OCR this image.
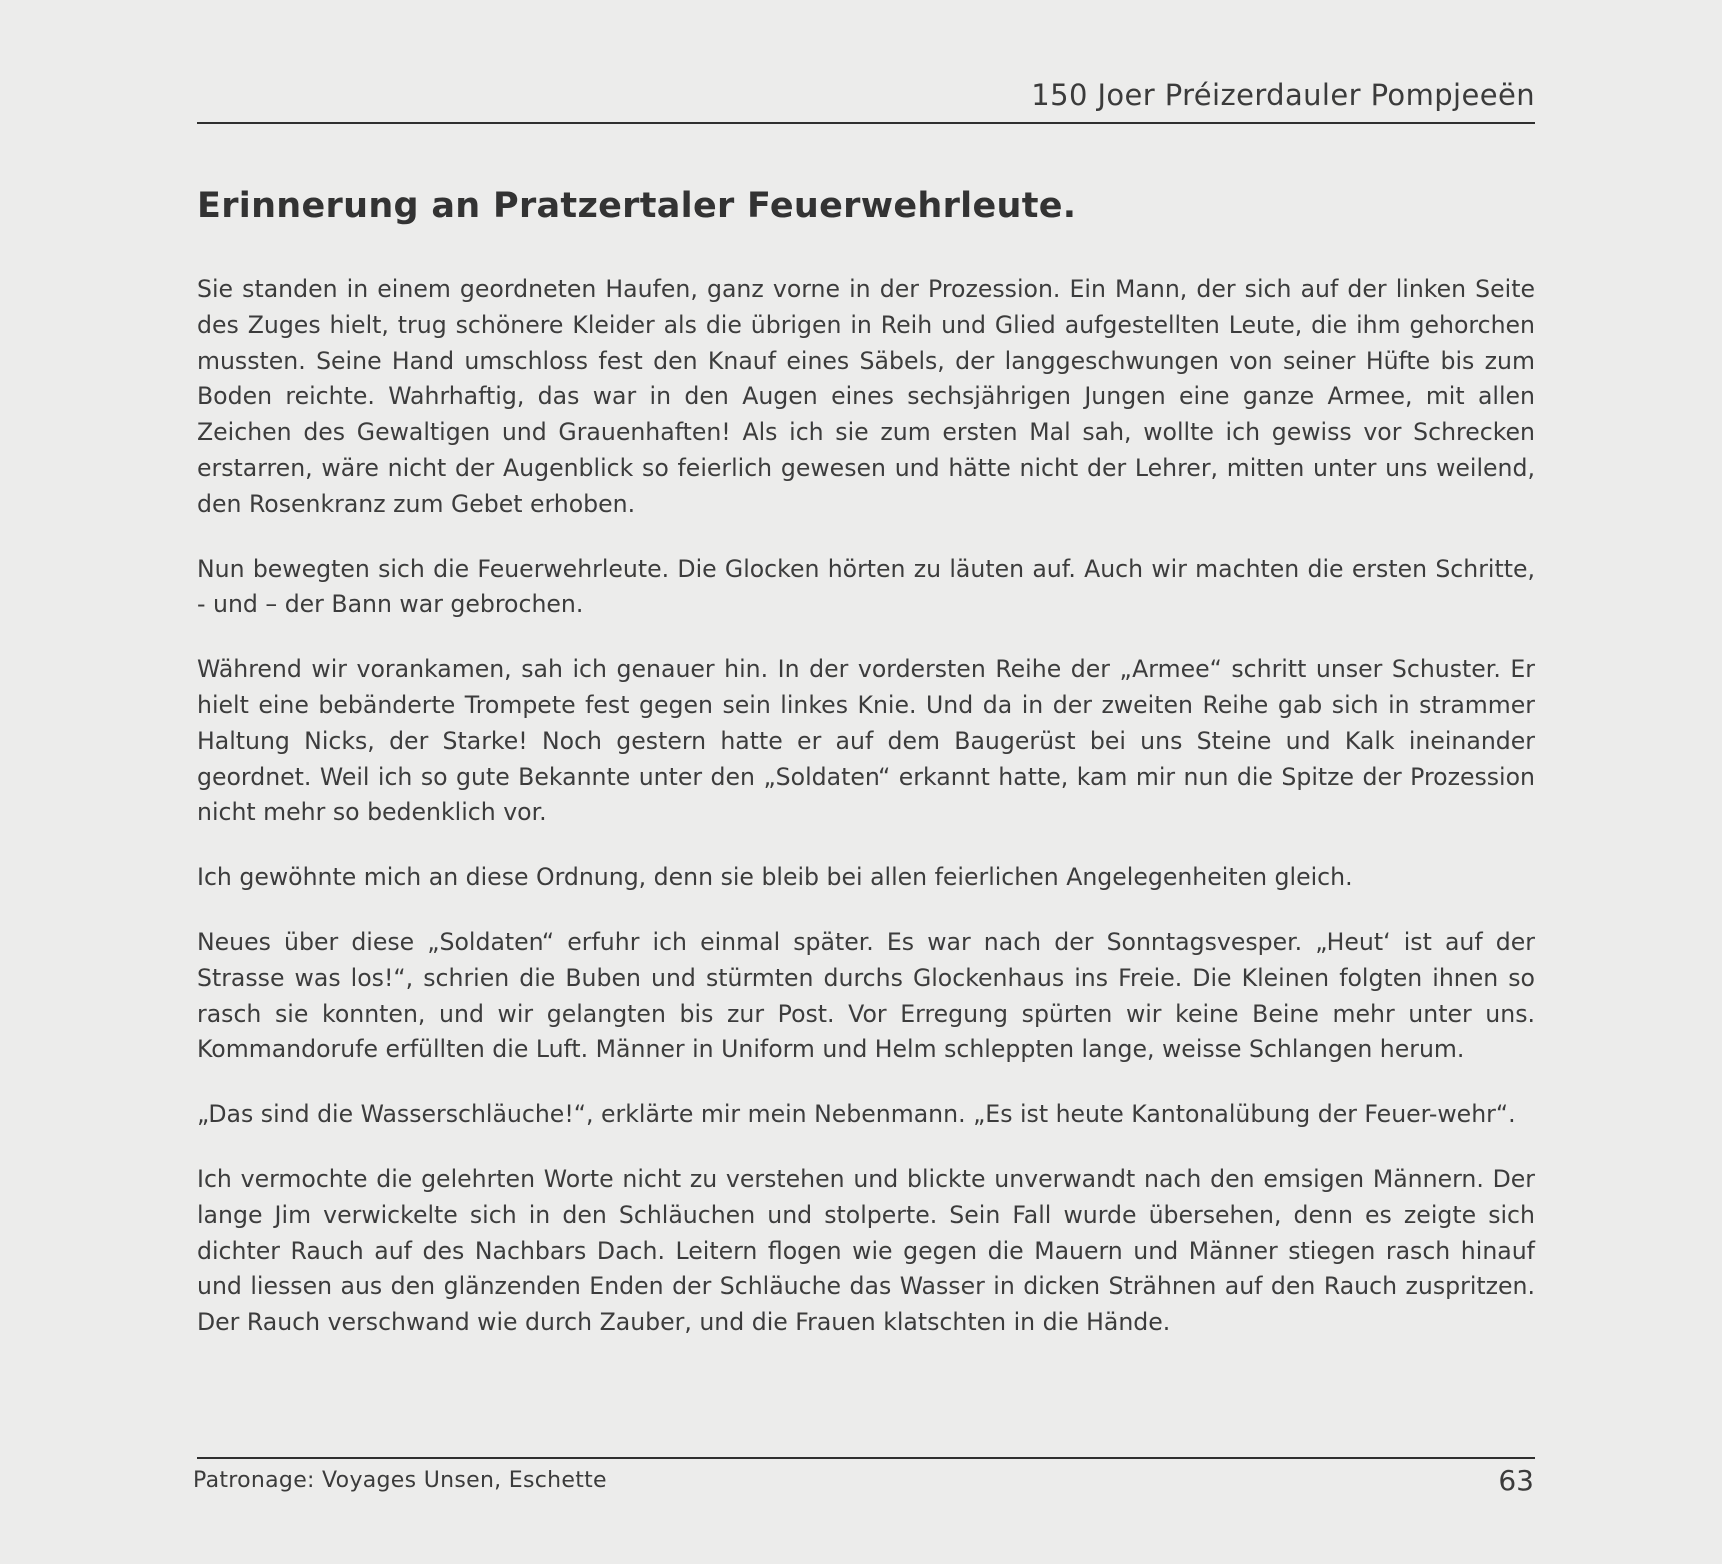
150 Joer Préizerdauler Pompjeeën
Erinnerung an Pratzertaler Feuerwehrleute.

Sie standen in einem geordneten Haufen, ganz vorne in der Prozession. Ein Mann, der sich auf der linken Seite des Zuges hielt, trug schönere Kleider als die übrigen in Reih und Glied aufgestellten Leute, die ihm gehorchen mussten. Seine Hand umschloss fest den Knauf eines Säbels, der langgeschwungen von seiner Hüfte bis zum Boden reichte. Wahrhaftig, das war in den Augen eines sechsjährigen Jungen eine ganze Armee, mit allen Zeichen des Gewaltigen und Grauenhaften! Als ich sie zum ersten Mal sah, wollte ich gewiss vor Schrecken erstarren, wäre nicht der Augenblick so feierlich gewesen und hätte nicht der Lehrer, mitten unter uns weilend, den Rosenkranz zum Gebet erhoben.

Nun bewegten sich die Feuerwehrleute. Die Glocken hörten zu läuten auf. Auch wir machten die ersten Schritte, - und – der Bann war gebrochen.

Während wir vorankamen, sah ich genauer hin. In der vordersten Reihe der „Armee“ schritt unser Schuster. Er hielt eine bebänderte Trompete fest gegen sein linkes Knie. Und da in der zweiten Reihe gab sich in strammer Haltung Nicks, der Starke! Noch gestern hatte er auf dem Baugerüst bei uns Steine und Kalk ineinander geordnet. Weil ich so gute Bekannte unter den „Soldaten“ erkannt hatte, kam mir nun die Spitze der Prozession nicht mehr so bedenklich vor.

Ich gewöhnte mich an diese Ordnung, denn sie bleib bei allen feierlichen Angelegenheiten gleich.

Neues über diese „Soldaten“ erfuhr ich einmal später. Es war nach der Sonntagsvesper. „Heut‘ ist auf der Strasse was los!“, schrien die Buben und stürmten durchs Glockenhaus ins Freie. Die Kleinen folgten ihnen so rasch sie konnten, und wir gelangten bis zur Post. Vor Erregung spürten wir keine Beine mehr unter uns. Kommandorufe erfüllten die Luft. Männer in Uniform und Helm schleppten lange, weisse Schlangen herum.

„Das sind die Wasserschläuche!“, erklärte mir mein Nebenmann. „Es ist heute Kantonalübung der Feuer-wehr“.

Ich vermochte die gelehrten Worte nicht zu verstehen und blickte unverwandt nach den emsigen Männern. Der lange Jim verwickelte sich in den Schläuchen und stolperte. Sein Fall wurde übersehen, denn es zeigte sich dichter Rauch auf des Nachbars Dach. Leitern flogen wie gegen die Mauern und Männer stiegen rasch hinauf und liessen aus den glänzenden Enden der Schläuche das Wasser in dicken Strähnen auf den Rauch zuspritzen. Der Rauch verschwand wie durch Zauber, und die Frauen klatschten in die Hände.

Patronage: Voyages Unsen, Eschette	63
